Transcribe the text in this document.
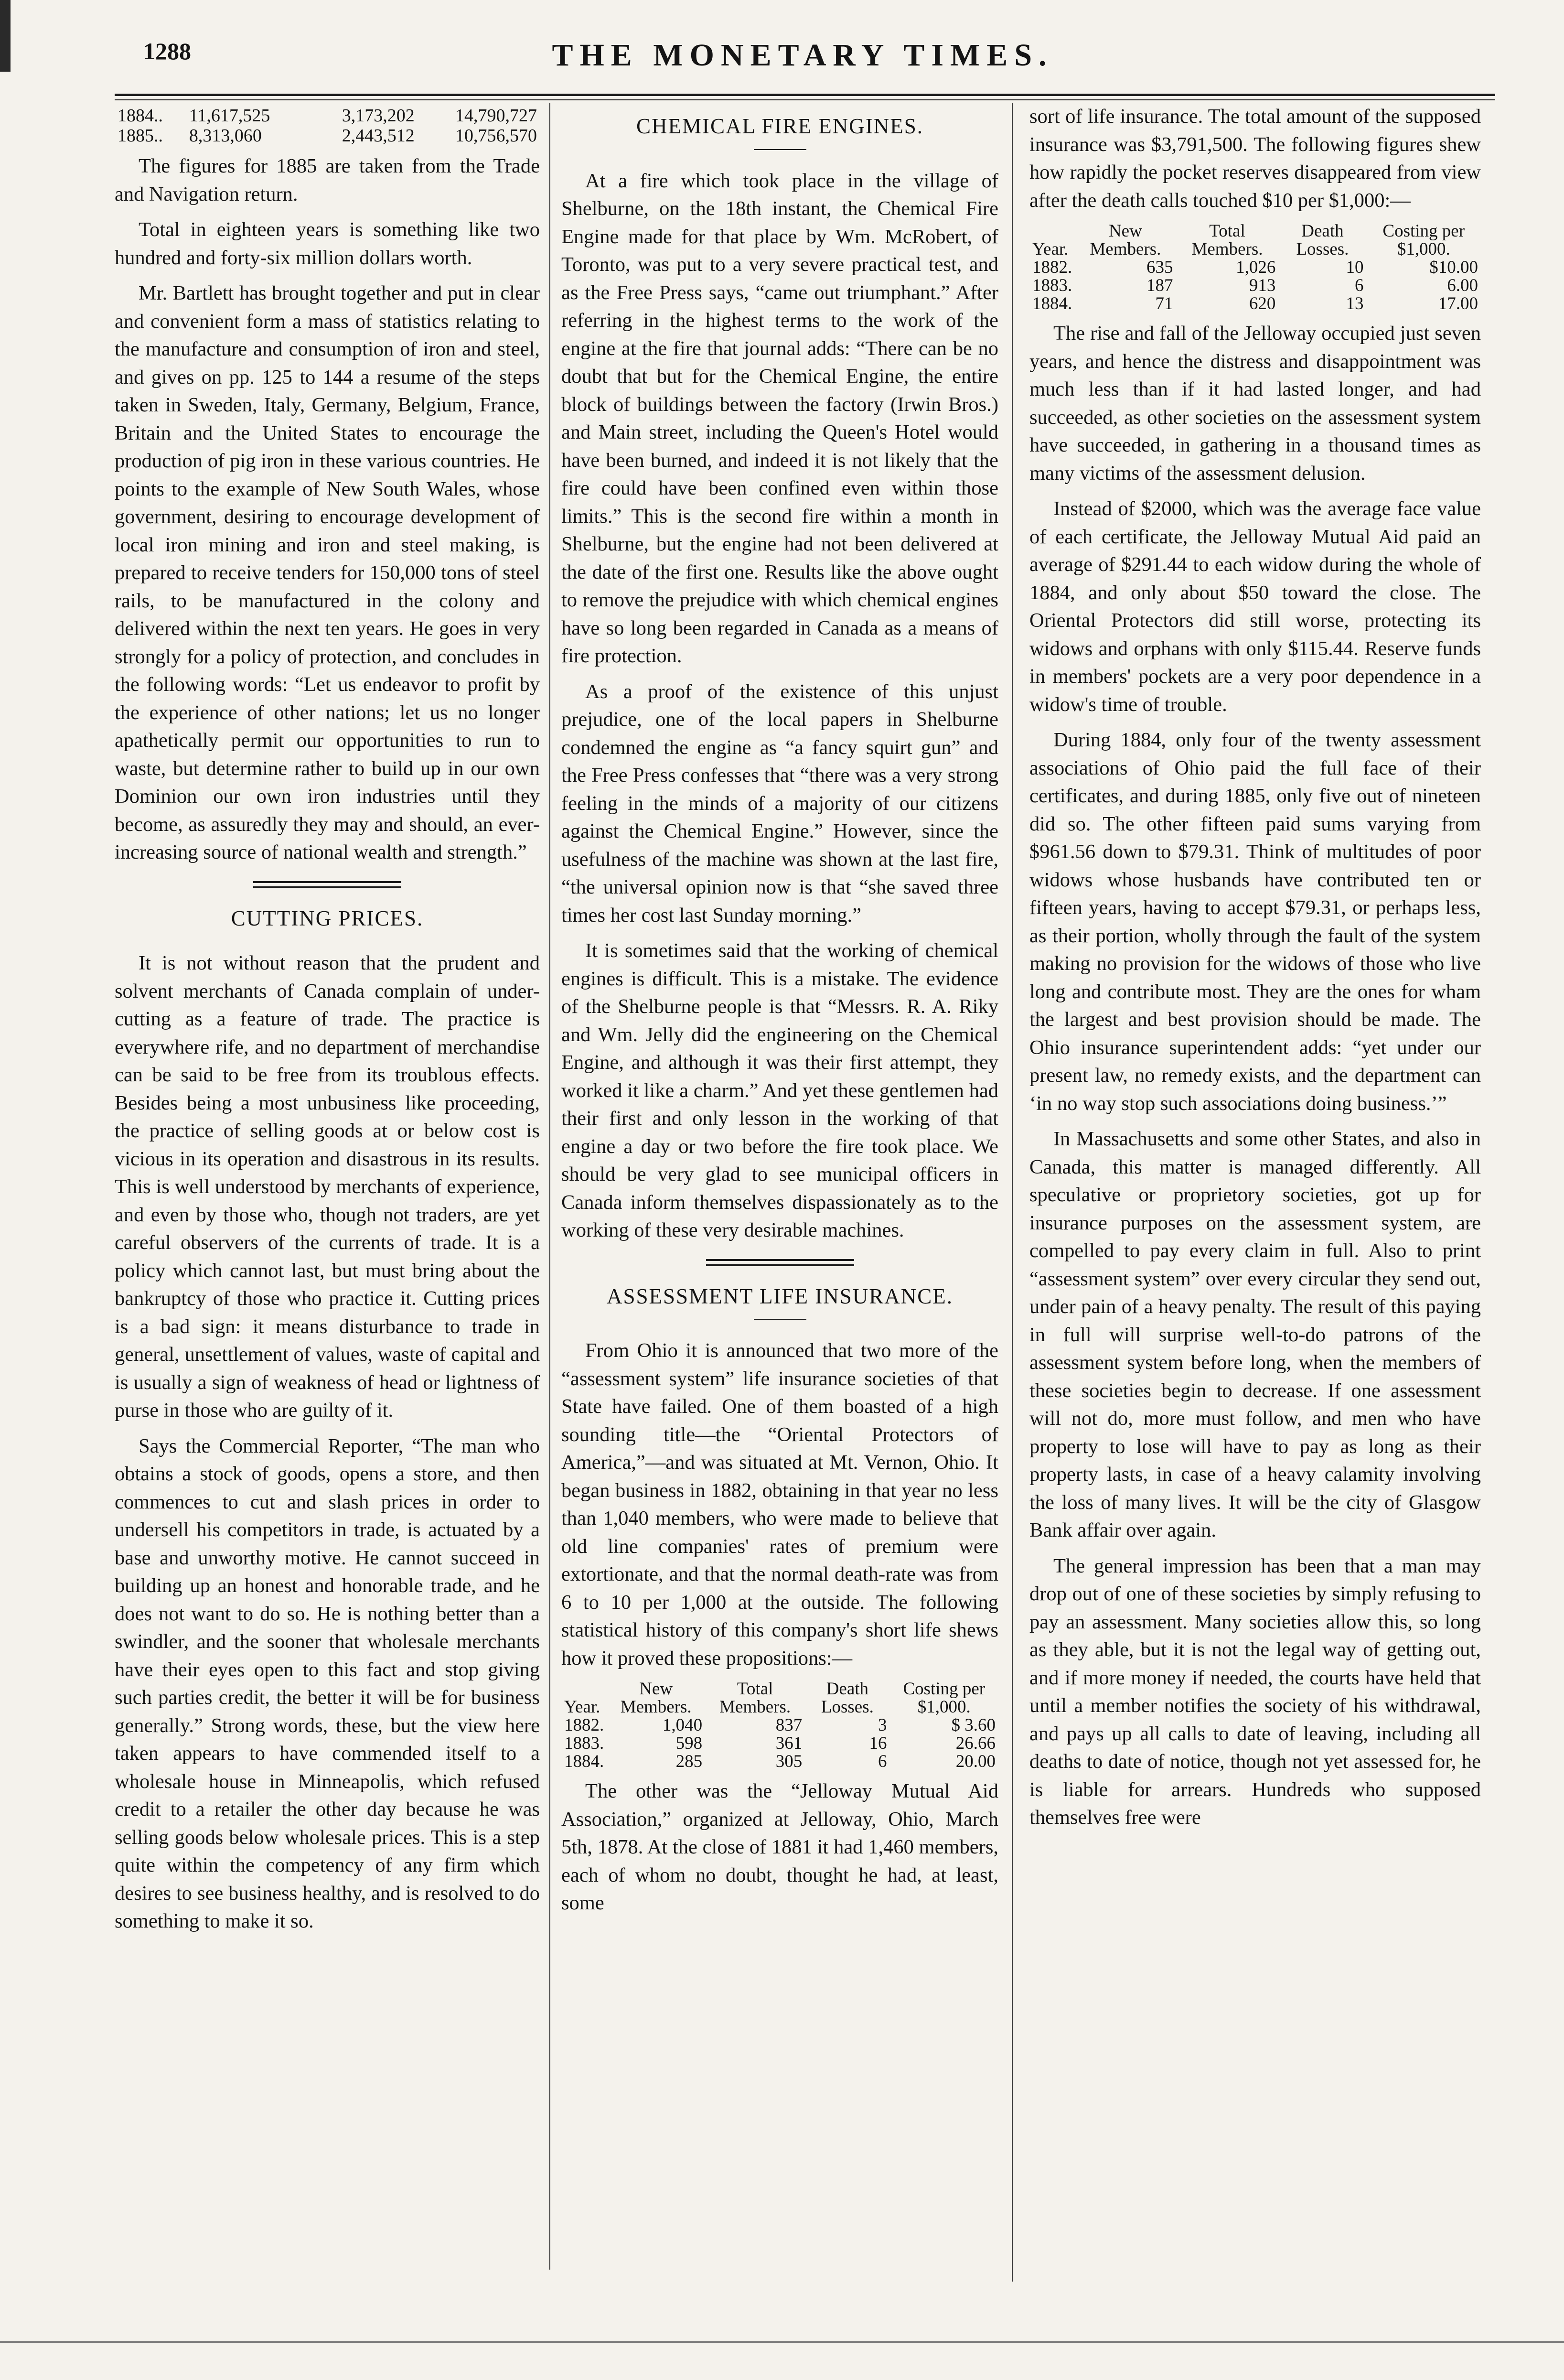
1288	THE MONETARY TIMES.
1884..	11,617,525	3,173,202	14,790,727
1885..	8,313,060	2,443,512	10,756,570

The figures for 1885 are taken from the Trade and Navigation return.

Total in eighteen years is something like two hundred and forty-six million dollars worth.

Mr. Bartlett has brought together and put in clear and convenient form a mass of statistics relating to the manufacture and consumption of iron and steel, and gives on pp. 125 to 144 a resume of the steps taken in Sweden, Italy, Germany, Belgium, France, Britain and the United States to encourage the production of pig iron in these various countries. He points to the example of New South Wales, whose government, desiring to encourage development of local iron mining and iron and steel making, is prepared to receive tenders for 150,000 tons of steel rails, to be manufactured in the colony and delivered within the next ten years. He goes in very strongly for a policy of protection, and concludes in the following words: “Let us endeavor to profit by the experience of other nations; let us no longer apathetically permit our opportunities to run to waste, but determine rather to build up in our own Dominion our own iron industries until they become, as assuredly they may and should, an ever-increasing source of national wealth and strength.”

CUTTING PRICES.

It is not without reason that the prudent and solvent merchants of Canada complain of under-cutting as a feature of trade. The practice is everywhere rife, and no department of merchandise can be said to be free from its troublous effects. Besides being a most unbusiness like proceeding, the practice of selling goods at or below cost is vicious in its operation and disastrous in its results. This is well understood by merchants of experience, and even by those who, though not traders, are yet careful observers of the currents of trade. It is a policy which cannot last, but must bring about the bankruptcy of those who practice it. Cutting prices is a bad sign: it means disturbance to trade in general, unsettlement of values, waste of capital and is usually a sign of weakness of head or lightness of purse in those who are guilty of it.

Says the Commercial Reporter, “The man who obtains a stock of goods, opens a store, and then commences to cut and slash prices in order to undersell his competitors in trade, is actuated by a base and unworthy motive. He cannot succeed in building up an honest and honorable trade, and he does not want to do so. He is nothing better than a swindler, and the sooner that wholesale merchants have their eyes open to this fact and stop giving such parties credit, the better it will be for business generally.” Strong words, these, but the view here taken appears to have commended itself to a wholesale house in Minneapolis, which refused credit to a retailer the other day because he was selling goods below wholesale prices. This is a step quite within the competency of any firm which desires to see business healthy, and is resolved to do something to make it so.

CHEMICAL FIRE ENGINES.

At a fire which took place in the village of Shelburne, on the 18th instant, the Chemical Fire Engine made for that place by Wm. McRobert, of Toronto, was put to a very severe practical test, and as the Free Press says, “came out triumphant.” After referring in the highest terms to the work of the engine at the fire that journal adds: “There can be no doubt that but for the Chemical Engine, the entire block of buildings between the factory (Irwin Bros.) and Main street, including the Queen's Hotel would have been burned, and indeed it is not likely that the fire could have been confined even within those limits.” This is the second fire within a month in Shelburne, but the engine had not been delivered at the date of the first one. Results like the above ought to remove the prejudice with which chemical engines have so long been regarded in Canada as a means of fire protection.

As a proof of the existence of this unjust prejudice, one of the local papers in Shelburne condemned the engine as “a fancy squirt gun” and the Free Press confesses that “there was a very strong feeling in the minds of a majority of our citizens against the Chemical Engine.” However, since the usefulness of the machine was shown at the last fire, “the universal opinion now is that “she saved three times her cost last Sunday morning.”

It is sometimes said that the working of chemical engines is difficult. This is a mistake. The evidence of the Shelburne people is that “Messrs. R. A. Riky and Wm. Jelly did the engineering on the Chemical Engine, and although it was their first attempt, they worked it like a charm.” And yet these gentlemen had their first and only lesson in the working of that engine a day or two before the fire took place. We should be very glad to see municipal officers in Canada inform themselves dispassionately as to the working of these very desirable machines.

ASSESSMENT LIFE INSURANCE.

From Ohio it is announced that two more of the “assessment system” life insurance societies of that State have failed. One of them boasted of a high sounding title—the “Oriental Protectors of America,”—and was situated at Mt. Vernon, Ohio. It began business in 1882, obtaining in that year no less than 1,040 members, who were made to believe that old line companies' rates of premium were extortionate, and that the normal death-rate was from 6 to 10 per 1,000 at the outside. The following statistical history of this company's short life shews how it proved these propositions:—

Year.	New Members.	Total Members.	Death Losses.	Costing per $1,000.
1882.	1,040	837	3	$ 3.60
1883.	598	361	16	26.66
1884.	285	305	6	20.00

The other was the “Jelloway Mutual Aid Association,” organized at Jelloway, Ohio, March 5th, 1878. At the close of 1881 it had 1,460 members, each of whom no doubt, thought he had, at least, some

sort of life insurance. The total amount of the supposed insurance was $3,791,500. The following figures shew how rapidly the pocket reserves disappeared from view after the death calls touched $10 per $1,000:—

Year.	New Members.	Total Members.	Death Losses.	Costing per $1,000.
1882.	635	1,026	10	$10.00
1883.	187	913	6	6.00
1884.	71	620	13	17.00

The rise and fall of the Jelloway occupied just seven years, and hence the distress and disappointment was much less than if it had lasted longer, and had succeeded, as other societies on the assessment system have succeeded, in gathering in a thousand times as many victims of the assessment delusion.

Instead of $2000, which was the average face value of each certificate, the Jelloway Mutual Aid paid an average of $291.44 to each widow during the whole of 1884, and only about $50 toward the close. The Oriental Protectors did still worse, protecting its widows and orphans with only $115.44. Reserve funds in members' pockets are a very poor dependence in a widow's time of trouble.

During 1884, only four of the twenty assessment associations of Ohio paid the full face of their certificates, and during 1885, only five out of nineteen did so. The other fifteen paid sums varying from $961.56 down to $79.31. Think of multitudes of poor widows whose husbands have contributed ten or fifteen years, having to accept $79.31, or perhaps less, as their portion, wholly through the fault of the system making no provision for the widows of those who live long and contribute most. They are the ones for wham the largest and best provision should be made. The Ohio insurance superintendent adds: “yet under our present law, no remedy exists, and the department can ‘in no way stop such associations doing business.’”

In Massachusetts and some other States, and also in Canada, this matter is managed differently. All speculative or proprietory societies, got up for insurance purposes on the assessment system, are compelled to pay every claim in full. Also to print “assessment system” over every circular they send out, under pain of a heavy penalty. The result of this paying in full will surprise well-to-do patrons of the assessment system before long, when the members of these societies begin to decrease. If one assessment will not do, more must follow, and men who have property to lose will have to pay as long as their property lasts, in case of a heavy calamity involving the loss of many lives. It will be the city of Glasgow Bank affair over again.

The general impression has been that a man may drop out of one of these societies by simply refusing to pay an assessment. Many societies allow this, so long as they able, but it is not the legal way of getting out, and if more money if needed, the courts have held that until a member notifies the society of his withdrawal, and pays up all calls to date of leaving, including all deaths to date of notice, though not yet assessed for, he is liable for arrears. Hundreds who supposed themselves free were
